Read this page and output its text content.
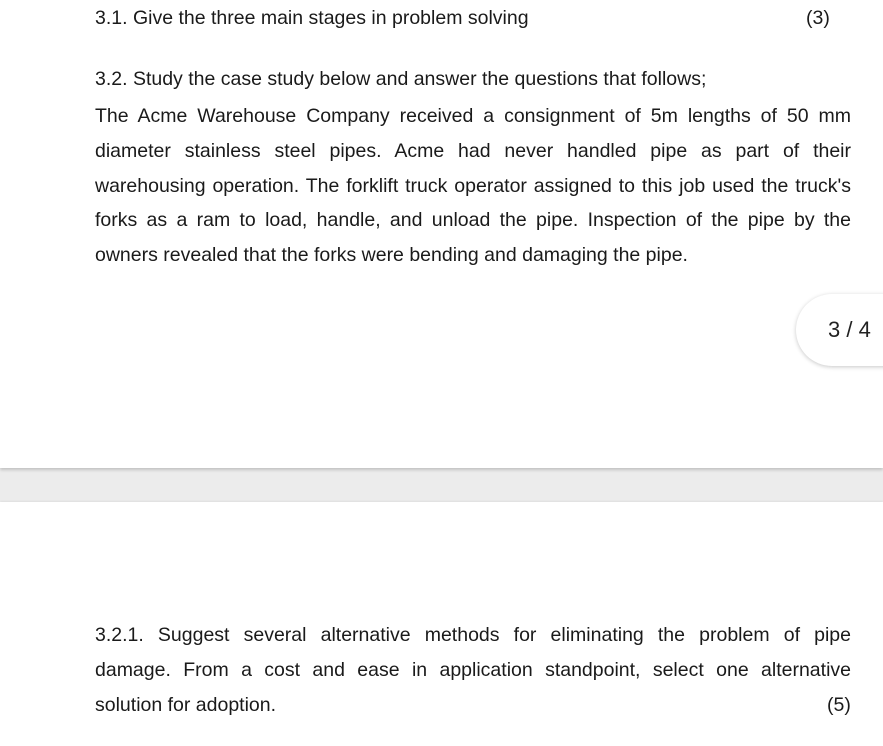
3.1. Give the three main stages in problem solving	(3)
3.2. Study the case study below and answer the questions that follows;
The Acme Warehouse Company received a consignment of 5m lengths of 50 mm
diameter stainless steel pipes. Acme had never handled pipe as part of their
warehousing operation. The forklift truck operator assigned to this job used the truck's
forks as a ram to load, handle, and unload the pipe. Inspection of the pipe by the
owners revealed that the forks were bending and damaging the pipe.
3.2.1. Suggest several alternative methods for eliminating the problem of pipe
damage. From a cost and ease in application standpoint, select one alternative
solution for adoption.	(5)
3 / 4
